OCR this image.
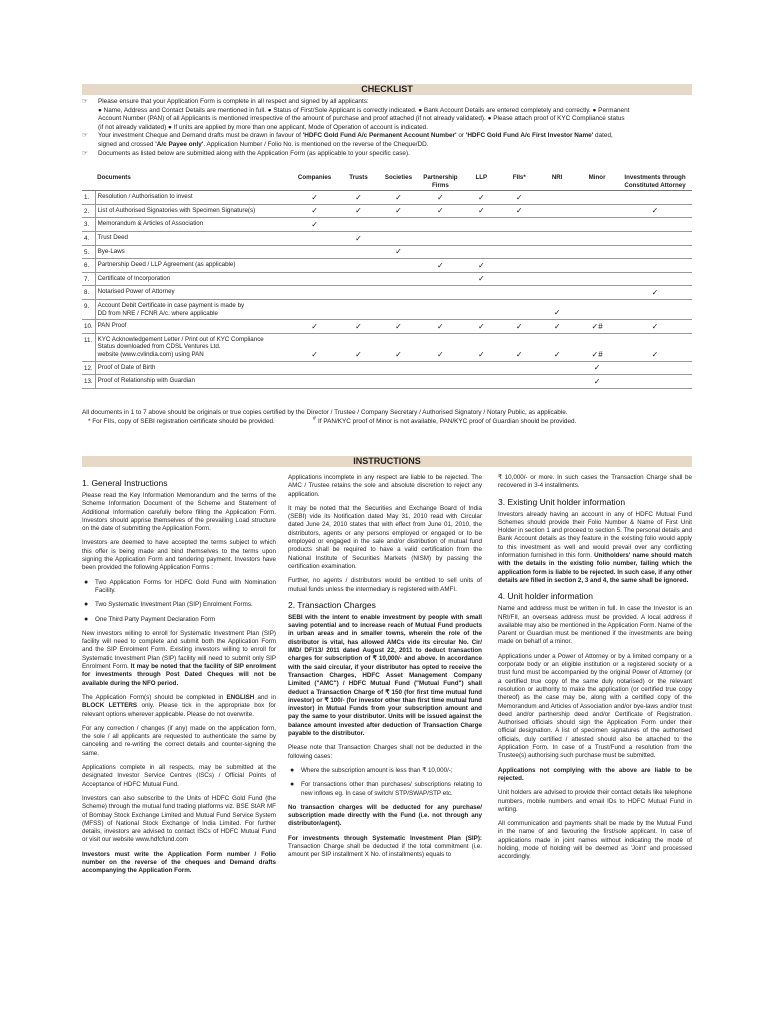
CHECKLIST
☞ Please ensure that your Application Form is complete in all respect and signed by all applicants:
● Name, Address and Contact Details are mentioned in full. ● Status of First/Sole Applicant is correctly indicated. ● Bank Account Details are entered completely and correctly. ● Permanent
Account Number (PAN) of all Applicants is mentioned irrespective of the amount of purchase and proof attached (if not already validated). ● Please attach proof of KYC Compliance status
(if not already validated) ● If units are applied by more than one applicant, Mode of Operation of account is indicated.
☞ Your investment Cheque and Demand drafts must be drawn in favour of 'HDFC Gold Fund A/c Permanent Account Number' or 'HDFC Gold Fund A/c First Investor Name' dated,
signed and crossed 'A/c Payee only'. Application Number / Folio No. is mentioned on the reverse of the Cheque/DD.
☞ Documents as listed below are submitted along with the Application Form (as applicable to your specific case).
	Documents	Companies	Trusts	Societies	Partnership
Firms	LLP	FIIs*	NRI	Minor	Investments through
Constituted Attorney
1.	Resolution / Authorisation to invest	✓	✓	✓	✓	✓	✓			
2.	List of Authorised Signatories with Specimen Signature(s)	✓	✓	✓	✓	✓	✓			✓
3.	Memorandum & Articles of Association	✓								
4.	Trust Deed		✓							
5.	Bye-Laws			✓						
6.	Partnership Deed / LLP Agreement (as applicable)				✓	✓				
7.	Certificate of Incorporation					✓				
8.	Notarised Power of Attorney									✓
9.	Account Debit Certificate in case payment is made by
DD from NRE / FCNR A/c. where applicable							✓		
10.	PAN Proof	✓	✓	✓	✓	✓	✓	✓	✓#	✓
11.	KYC Acknowledgement Letter / Print out of KYC Compliance
Status downloaded from CDSL Ventures Ltd.
website (www.cvlindia.com) using PAN	✓	✓	✓	✓	✓	✓	✓	✓#	✓
12.	Proof of Date of Birth								✓	
13.	Proof of Relationship with Guardian								✓	
All documents in 1 to 7 above should be originals or true copies certified by the Director / Trustee / Company Secretary / Authorised Signatory / Notary Public, as applicable.
* For FIIs, copy of SEBI registration certificate should be provided.	# If PAN/KYC proof of Minor is not available, PAN/KYC proof of Guardian should be provided.
INSTRUCTIONS
1. General Instructions

Please read the Key Information Memorandum and the terms of the Scheme Information Document of the Scheme and Statement of Additional Information carefully before filling the Application Form. Investors should apprise themselves of the prevailing Load structure on the date of submitting the Application Form.

Investors are deemed to have accepted the terms subject to which this offer is being made and bind themselves to the terms upon signing the Application Form and tendering payment. Investors have been provided the following Application Forms :

● Two Application Forms for HDFC Gold Fund with Nomination Facility.
● Two Systematic Investment Plan (SIP) Enrolment Forms.
● One Third Party Payment Declaration Form

New investors willing to enroll for Systematic Investment Plan (SIP) facility will need to complete and submit both the Application Form and the SIP Enrolment Form. Existing investors willing to enroll for Systematic Investment Plan (SIP) facility will need to submit only SIP Enrolment Form. It may be noted that the facility of SIP enrolment for investments through Post Dated Cheques will not be available during the NFO period.

The Application Form(s) should be completed in ENGLISH and in BLOCK LETTERS only. Please tick in the appropriate box for relevant options wherever applicable. Please do not overwrite.

For any correction / changes (if any) made on the application form, the sole / all applicants are requested to authenticate the same by canceling and re-writing the correct details and counter-signing the same.

Applications complete in all respects, may be submitted at the designated Investor Service Centres (ISCs) / Official Points of Acceptance of HDFC Mutual Fund.

Investors can also subscribe to the Units of HDFC Gold Fund (the Scheme) through the mutual fund trading platforms viz. BSE StAR MF of Bombay Stock Exchange Limited and Mutual Fund Service System (MFSS) of National Stock Exchange of India Limited. For further details, investors are advised to contact ISCs of HDFC Mutual Fund or visit our website www.hdfcfund.com

Investors must write the Application Form number / Folio number on the reverse of the cheques and Demand drafts accompanying the Application Form.

Applications incomplete in any respect are liable to be rejected. The AMC / Trustee retains the sole and absolute discretion to reject any application.

It may be noted that the Securities and Exchange Board of India (SEBI) vide its Notification dated May 31, 2010 read with Circular dated June 24, 2010 states that with effect from June 01, 2010, the distributors, agents or any persons employed or engaged or to be employed or engaged in the sale and/or distribution of mutual fund products shall be required to have a valid certification from the National Institute of Securities Markets (NISM) by passing the certification examination.

Further, no agents / distributors would be entitled to sell units of mutual funds unless the intermediary is registered with AMFI.

2. Transaction Charges

SEBI with the intent to enable investment by people with small saving potential and to increase reach of Mutual Fund products in urban areas and in smaller towns, wherein the role of the distributor is vital, has allowed AMCs vide its circular No. Cir/ IMD/ DF/13/ 2011 dated August 22, 2011 to deduct transaction charges for subscription of ₹ 10,000/- and above. In accordance with the said circular, if your distributor has opted to receive the Transaction Charges, HDFC Asset Management Company Limited ("AMC") / HDFC Mutual Fund ("Mutual Fund") shall deduct a Transaction Charge of ₹ 150 (for first time mutual fund investor) or ₹ 100/- (for investor other than first time mutual fund investor) in Mutual Funds from your subscription amount and pay the same to your distributor. Units will be issued against the balance amount invested after deduction of Transaction Charge payable to the distributor.

Please note that Transaction Charges shall not be deducted in the following cases:

● Where the subscription amount is less than ₹ 10,000/-;
● For transactions other than purchases/ subscriptions relating to new inflows eg. In case of switch/ STP/SWAP/STP etc.

No transaction charges will be deducted for any purchase/ subscription made directly with the Fund (i.e. not through any distributor/agent).

For investments through Systematic Investment Plan (SIP): Transaction Charge shall be deducted if the total commitment (i.e. amount per SIP installment X No. of installments) equals to

₹ 10,000/- or more. In such cases the Transaction Charge shall be recovered in 3-4 installments.

3. Existing Unit holder information

Investors already having an account in any of HDFC Mutual Fund Schemes should provide their Folio Number & Name of First Unit Holder in section 1 and proceed to section 5. The personal details and Bank Account details as they feature in the existing folio would apply to this investment as well and would prevail over any conflicting information furnished in this form. Unitholders' name should match with the details in the existing folio number, failing which the application form is liable to be rejected. In such case, if any other details are filled in section 2, 3 and 4, the same shall be ignored.

4. Unit holder information

Name and address must be written in full. In case the Investor is an NRI/FII, an overseas address must be provided. A local address if available may also be mentioned in the Application Form. Name of the Parent or Guardian must be mentioned if the investments are being made on behalf of a minor.

Applications under a Power of Attorney or by a limited company or a corporate body or an eligible institution or a registered society or a trust fund must be accompanied by the original Power of Attorney (or a certified true copy of the same duly notarised) or the relevant resolution or authority to make the application (or certified true copy thereof) as the case may be, along with a certified copy of the Memorandum and Articles of Association and/or bye-laws and/or trust deed and/or partnership deed and/or Certificate of Registration. Authorised officials should sign the Application Form under their official designation. A list of specimen signatures of the authorised officials, duly certified / attested should also be attached to the Application Form. In case of a Trust/Fund a resolution from the Trustee(s) authorising such purchase must be submitted.

Applications not complying with the above are liable to be rejected.

Unit holders are advised to provide their contact details like telephone numbers, mobile numbers and email IDs to HDFC Mutual Fund in writing.

All communication and payments shall be made by the Mutual Fund in the name of and favouring the first/sole applicant. In case of applications made in joint names without indicating the mode of holding, mode of holding will be deemed as 'Joint' and processed accordingly.
